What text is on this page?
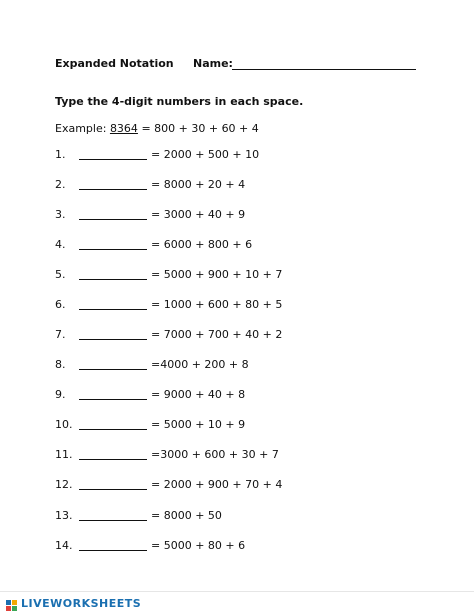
Expanded Notation Name:
Type the 4-digit numbers in each space.
Example: 8364 = 800 + 30 + 60 + 4
1.	= 2000 + 500 + 10
2.	= 8000 + 20 + 4
3.	= 3000 + 40 + 9
4.	= 6000 + 800 + 6
5.	= 5000 + 900 + 10 + 7
6.	= 1000 + 600 + 80 + 5
7.	= 7000 + 700 + 40 + 2
8.	=4000 + 200 + 8
9.	= 9000 + 40 + 8
10.	= 5000 + 10 + 9
11.	=3000 + 600 + 30 + 7
12.	= 2000 + 900 + 70 + 4
13.	= 8000 + 50
14.	= 5000 + 80 + 6
LIVEWORKSHEETS
